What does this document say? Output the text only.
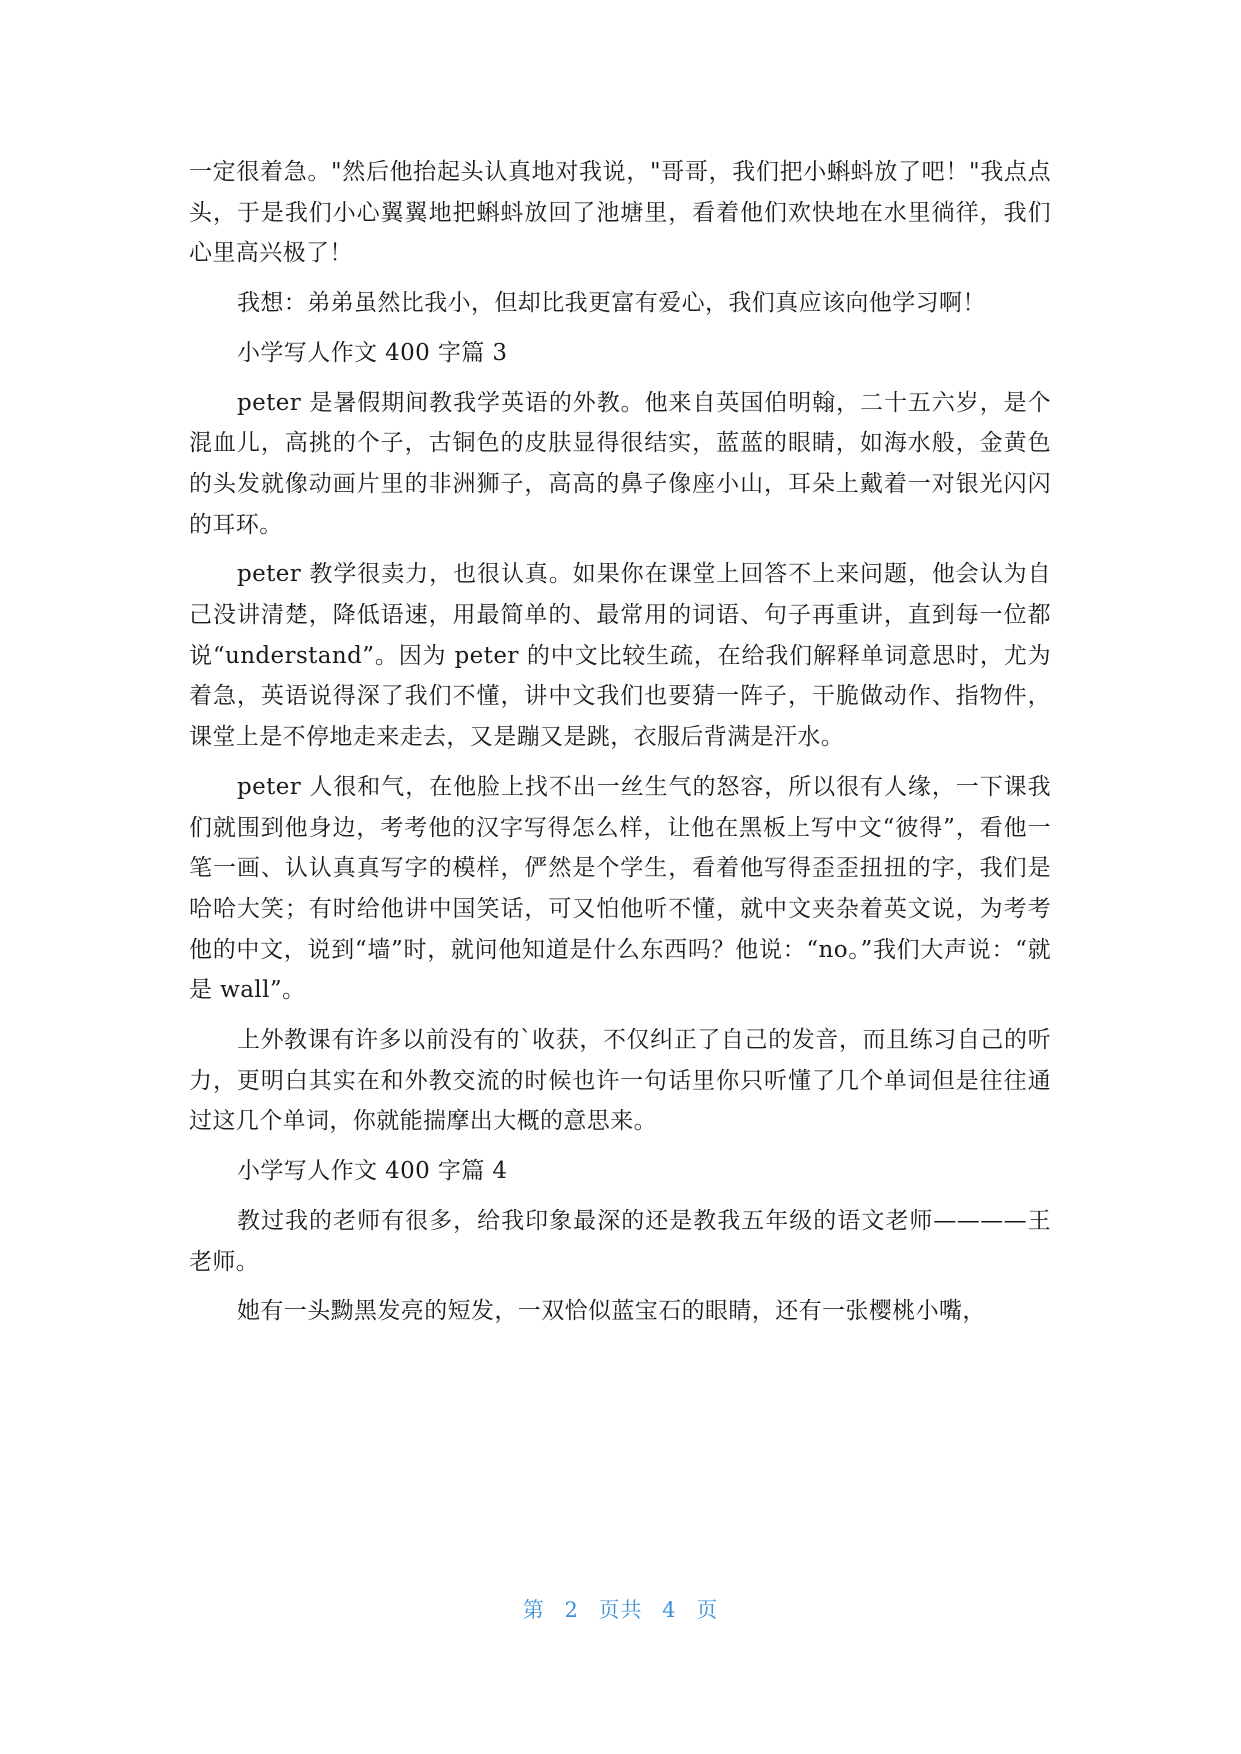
一定很着急。"然后他抬起头认真地对我说，"哥哥，我们把小蝌蚪放了吧！"我点点头，于是我们小心翼翼地把蝌蚪放回了池塘里，看着他们欢快地在水里徜徉，我们心里高兴极了！

我想：弟弟虽然比我小，但却比我更富有爱心，我们真应该向他学习啊！

小学写人作文 400 字篇 3

peter 是暑假期间教我学英语的外教。他来自英国伯明翰，二十五六岁，是个混血儿，高挑的个子，古铜色的皮肤显得很结实，蓝蓝的眼睛，如海水般，金黄色的头发就像动画片里的非洲狮子，高高的鼻子像座小山，耳朵上戴着一对银光闪闪的耳环。

peter 教学很卖力，也很认真。如果你在课堂上回答不上来问题，他会认为自己没讲清楚，降低语速，用最简单的、最常用的词语、句子再重讲，直到每一位都说“understand”。因为 peter 的中文比较生疏，在给我们解释单词意思时，尤为着急，英语说得深了我们不懂，讲中文我们也要猜一阵子，干脆做动作、指物件，课堂上是不停地走来走去，又是蹦又是跳，衣服后背满是汗水。

peter 人很和气，在他脸上找不出一丝生气的怒容，所以很有人缘，一下课我们就围到他身边，考考他的汉字写得怎么样，让他在黑板上写中文“彼得”，看他一笔一画、认认真真写字的模样，俨然是个学生，看着他写得歪歪扭扭的字，我们是哈哈大笑；有时给他讲中国笑话，可又怕他听不懂，就中文夹杂着英文说，为考考他的中文，说到“墙”时，就问他知道是什么东西吗？他说：“no。”我们大声说：“就是 wall”。

上外教课有许多以前没有的`收获，不仅纠正了自己的发音，而且练习自己的听力，更明白其实在和外教交流的时候也许一句话里你只听懂了几个单词但是往往通过这几个单词，你就能揣摩出大概的意思来。

小学写人作文 400 字篇 4

教过我的老师有很多，给我印象最深的还是教我五年级的语文老师————王老师。

她有一头黝黑发亮的短发，一双恰似蓝宝石的眼睛，还有一张樱桃小嘴，

第 2 页共 4 页
